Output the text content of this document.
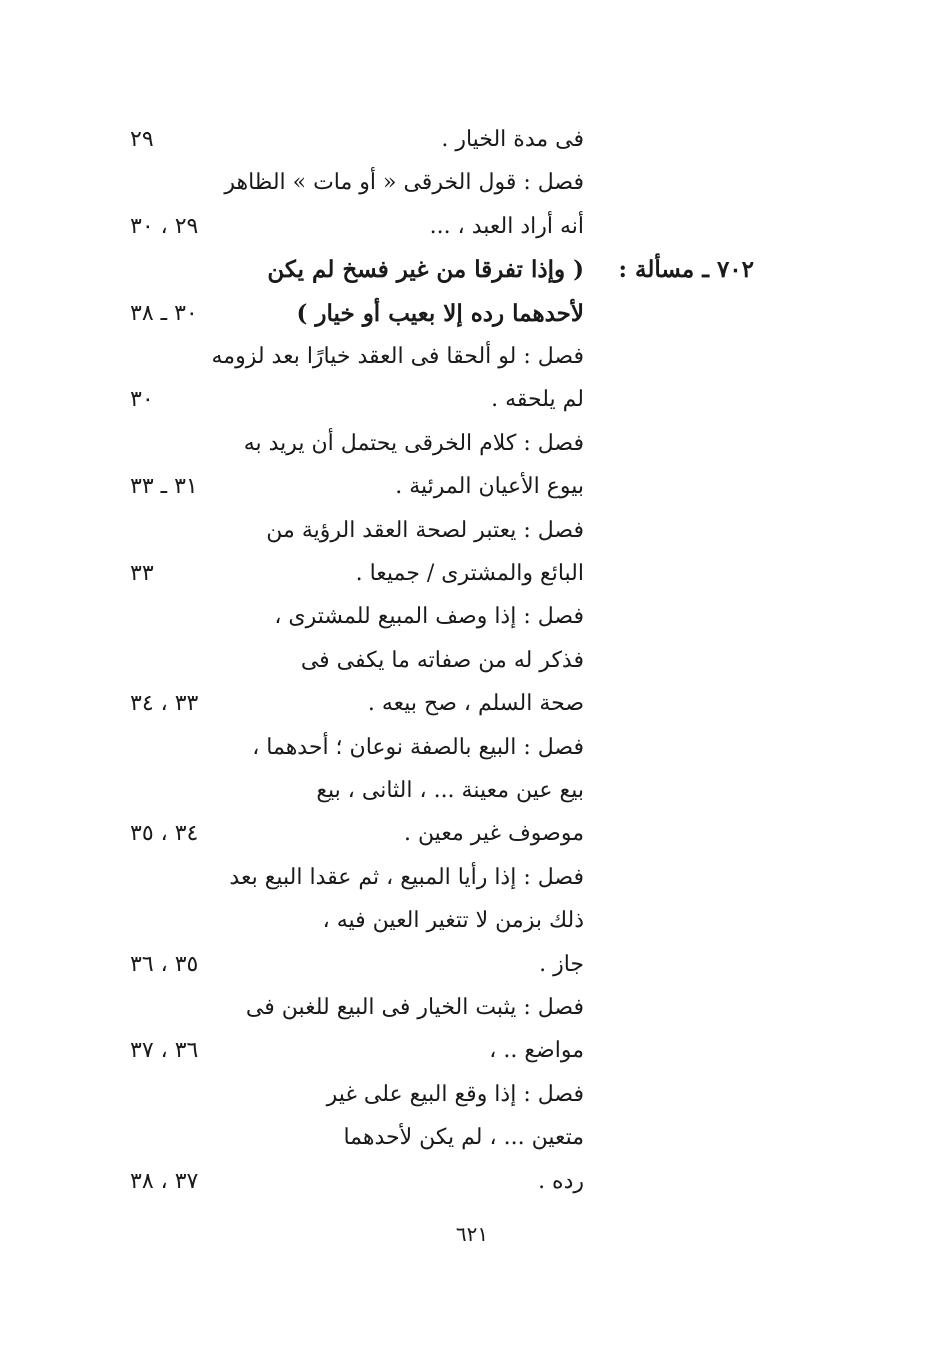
فى مدة الخيار .
٢٩
فصل : قول الخرقى « أو مات » الظاهر
أنه أراد العبد ، ...
٢٩ ، ٣٠
٧٠٢ ـ مسألة :
( وإذا تفرقا من غير فسخ لم يكن
لأحدهما رده إلا بعيب أو خيار )
٣٠ ـ ٣٨
فصل : لو ألحقا فى العقد خيارًا بعد لزومه
لم يلحقه .
٣٠
فصل : كلام الخرقى يحتمل أن يريد به
بيوع الأعيان المرئية .
٣١ ـ ٣٣
فصل : يعتبر لصحة العقد الرؤية من
البائع والمشترى / جميعا .
٣٣
فصل : إذا وصف المبيع للمشترى ،
فذكر له من صفاته ما يكفى فى
صحة السلم ، صح بيعه .
٣٣ ، ٣٤
فصل : البيع بالصفة نوعان ؛ أحدهما ،
بيع عين معينة ... ، الثانى ، بيع
موصوف غير معين .
٣٤ ، ٣٥
فصل : إذا رأيا المبيع ، ثم عقدا البيع بعد
ذلك بزمن لا تتغير العين فيه ،
جاز .
٣٥ ، ٣٦
فصل : يثبت الخيار فى البيع للغبن فى
مواضع .. ،
٣٦ ، ٣٧
فصل : إذا وقع البيع على غير
متعين ... ، لم يكن لأحدهما
رده .
٣٧ ، ٣٨
٦٢١
